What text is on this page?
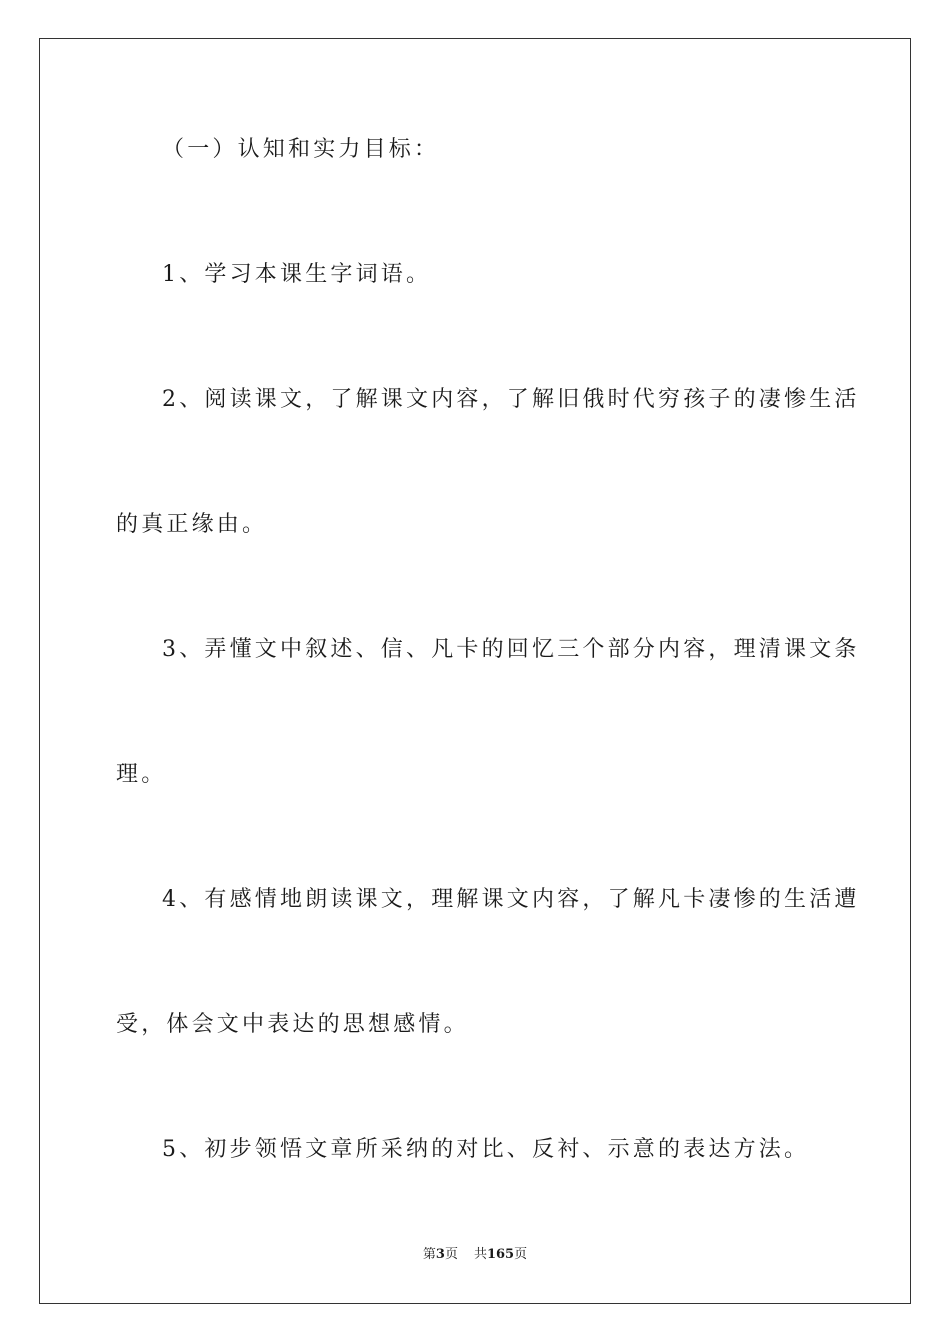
（一）认知和实力目标：

1、学习本课生字词语。

2、阅读课文，了解课文内容，了解旧俄时代穷孩子的凄惨生活

的真正缘由。

3、弄懂文中叙述、信、凡卡的回忆三个部分内容，理清课文条

理。

4、有感情地朗读课文，理解课文内容，了解凡卡凄惨的生活遭

受，体会文中表达的思想感情。

5、初步领悟文章所采纳的对比、反衬、示意的表达方法。

第3页 共165页
